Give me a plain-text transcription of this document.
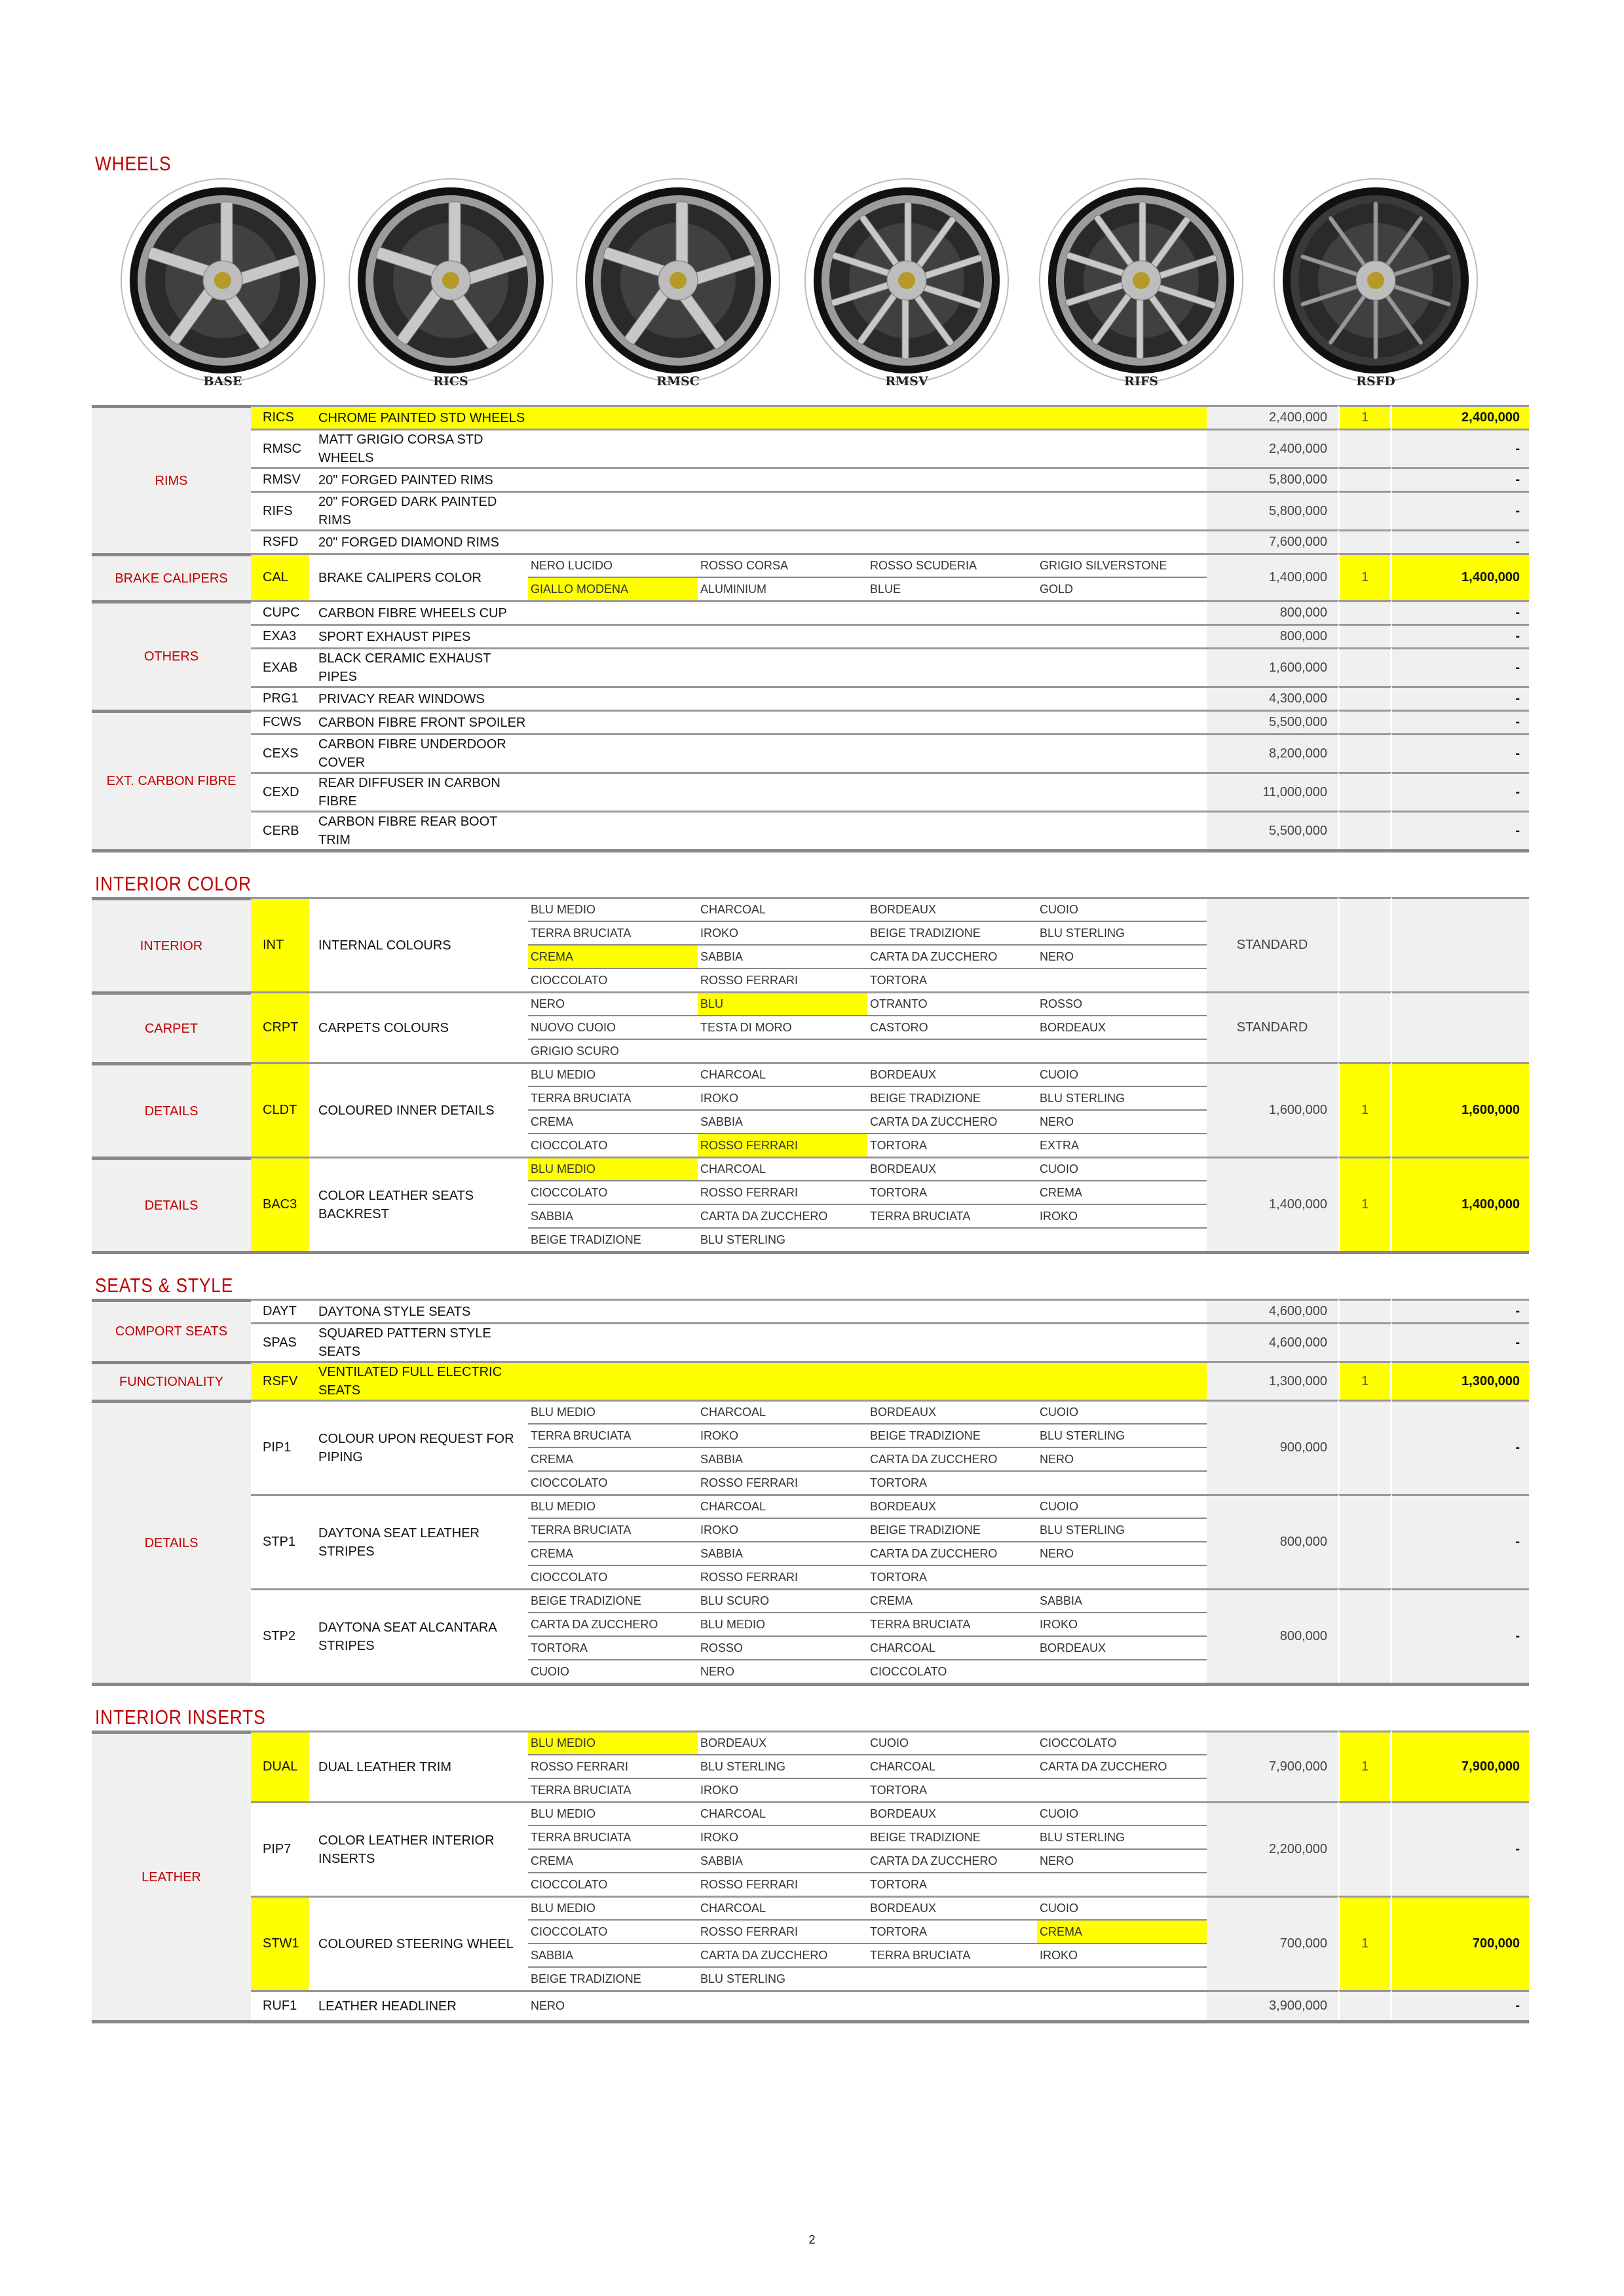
WHEELS
BASE	RICS	RMSC	RMSV	RIFS	RSFD
RIMS	RICS	CHROME PAINTED STD WHEELS					2,400,000	1	2,400,000
	RMSC	MATT GRIGIO CORSA STD WHEELS					2,400,000		-
	RMSV	20" FORGED PAINTED RIMS					5,800,000		-
	RIFS	20" FORGED DARK PAINTED RIMS					5,800,000		-
	RSFD	20" FORGED DIAMOND RIMS					7,600,000		-
BRAKE CALIPERS	CAL	BRAKE CALIPERS COLOR	NERO LUCIDO	ROSSO CORSA	ROSSO SCUDERIA	GRIGIO SILVERSTONE	1,400,000	1	1,400,000
			GIALLO MODENA	ALUMINIUM	BLUE	GOLD			
OTHERS	CUPC	CARBON FIBRE WHEELS CUP					800,000		-
	EXA3	SPORT EXHAUST PIPES					800,000		-
	EXAB	BLACK CERAMIC EXHAUST PIPES					1,600,000		-
	PRG1	PRIVACY REAR WINDOWS					4,300,000		-
EXT. CARBON FIBRE	FCWS	CARBON FIBRE FRONT SPOILER					5,500,000		-
	CEXS	CARBON FIBRE UNDERDOOR COVER					8,200,000		-
	CEXD	REAR DIFFUSER IN CARBON FIBRE					11,000,000		-
	CERB	CARBON FIBRE REAR BOOT TRIM					5,500,000		-
INTERIOR COLOR
INTERIOR	INT	INTERNAL COLOURS	BLU MEDIO	CHARCOAL	BORDEAUX	CUOIO	STANDARD		
			TERRA BRUCIATA	IROKO	BEIGE TRADIZIONE	BLU STERLING			
			CREMA	SABBIA	CARTA DA ZUCCHERO	NERO			
			CIOCCOLATO	ROSSO FERRARI	TORTORA				
CARPET	CRPT	CARPETS COLOURS	NERO	BLU	OTRANTO	ROSSO	STANDARD		
			NUOVO CUOIO	TESTA DI MORO	CASTORO	BORDEAUX			
			GRIGIO SCURO						
DETAILS	CLDT	COLOURED INNER DETAILS	BLU MEDIO	CHARCOAL	BORDEAUX	CUOIO	1,600,000	1	1,600,000
			TERRA BRUCIATA	IROKO	BEIGE TRADIZIONE	BLU STERLING			
			CREMA	SABBIA	CARTA DA ZUCCHERO	NERO			
			CIOCCOLATO	ROSSO FERRARI	TORTORA	EXTRA			
DETAILS	BAC3	COLOR LEATHER SEATS BACKREST	BLU MEDIO	CHARCOAL	BORDEAUX	CUOIO	1,400,000	1	1,400,000
			CIOCCOLATO	ROSSO FERRARI	TORTORA	CREMA			
			SABBIA	CARTA DA ZUCCHERO	TERRA BRUCIATA	IROKO			
			BEIGE TRADIZIONE	BLU STERLING					
SEATS & STYLE
COMPORT SEATS	DAYT	DAYTONA STYLE SEATS					4,600,000		-
	SPAS	SQUARED PATTERN STYLE SEATS					4,600,000		-
FUNCTIONALITY	RSFV	VENTILATED FULL ELECTRIC SEATS					1,300,000	1	1,300,000
DETAILS	PIP1	COLOUR UPON REQUEST FOR PIPING	BLU MEDIO	CHARCOAL	BORDEAUX	CUOIO	900,000		-
			TERRA BRUCIATA	IROKO	BEIGE TRADIZIONE	BLU STERLING			
			CREMA	SABBIA	CARTA DA ZUCCHERO	NERO			
			CIOCCOLATO	ROSSO FERRARI	TORTORA				
	STP1	DAYTONA SEAT LEATHER STRIPES	BLU MEDIO	CHARCOAL	BORDEAUX	CUOIO	800,000		-
			TERRA BRUCIATA	IROKO	BEIGE TRADIZIONE	BLU STERLING			
			CREMA	SABBIA	CARTA DA ZUCCHERO	NERO			
			CIOCCOLATO	ROSSO FERRARI	TORTORA				
	STP2	DAYTONA SEAT ALCANTARA STRIPES	BEIGE TRADIZIONE	BLU SCURO	CREMA	SABBIA	800,000		-
			CARTA DA ZUCCHERO	BLU MEDIO	TERRA BRUCIATA	IROKO			
			TORTORA	ROSSO	CHARCOAL	BORDEAUX			
			CUOIO	NERO	CIOCCOLATO				
INTERIOR INSERTS
LEATHER	DUAL	DUAL LEATHER TRIM	BLU MEDIO	BORDEAUX	CUOIO	CIOCCOLATO	7,900,000	1	7,900,000
			ROSSO FERRARI	BLU STERLING	CHARCOAL	CARTA DA ZUCCHERO			
			TERRA BRUCIATA	IROKO	TORTORA				
	PIP7	COLOR LEATHER INTERIOR INSERTS	BLU MEDIO	CHARCOAL	BORDEAUX	CUOIO	2,200,000		-
			TERRA BRUCIATA	IROKO	BEIGE TRADIZIONE	BLU STERLING			
			CREMA	SABBIA	CARTA DA ZUCCHERO	NERO			
			CIOCCOLATO	ROSSO FERRARI	TORTORA				
	STW1	COLOURED STEERING WHEEL	BLU MEDIO	CHARCOAL	BORDEAUX	CUOIO	700,000	1	700,000
			CIOCCOLATO	ROSSO FERRARI	TORTORA	CREMA			
			SABBIA	CARTA DA ZUCCHERO	TERRA BRUCIATA	IROKO			
			BEIGE TRADIZIONE	BLU STERLING					
	RUF1	LEATHER HEADLINER	NERO				3,900,000		-
2
